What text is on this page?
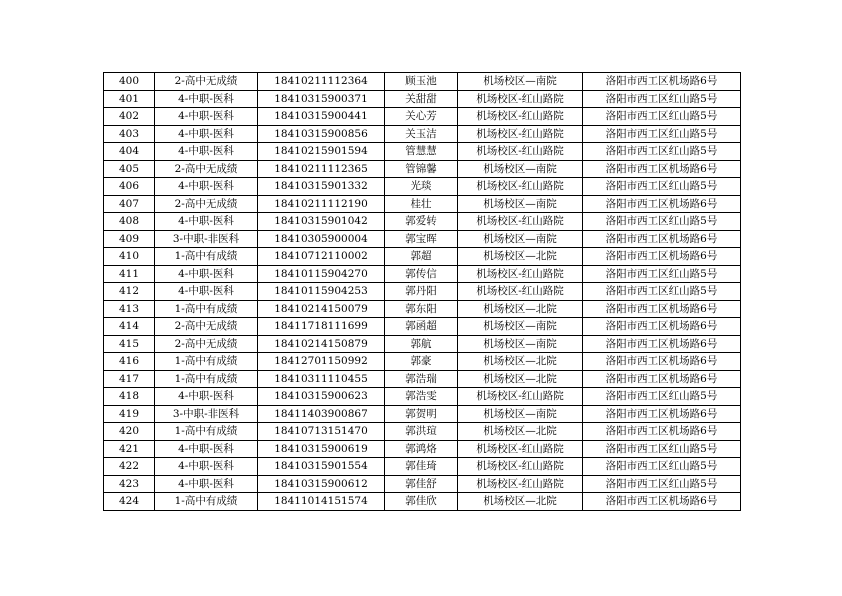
400	2-高中无成绩	18410211112364	顾玉池	机场校区—南院	洛阳市西工区机场路6号
401	4-中职-医科	18410315900371	关甜甜	机场校区-红山路院	洛阳市西工区红山路5号
402	4-中职-医科	18410315900441	关心芳	机场校区-红山路院	洛阳市西工区红山路5号
403	4-中职-医科	18410315900856	关玉洁	机场校区-红山路院	洛阳市西工区红山路5号
404	4-中职-医科	18410215901594	管慧慧	机场校区-红山路院	洛阳市西工区红山路5号
405	2-高中无成绩	18410211112365	管锦馨	机场校区—南院	洛阳市西工区机场路6号
406	4-中职-医科	18410315901332	光琰	机场校区-红山路院	洛阳市西工区红山路5号
407	2-高中无成绩	18410211112190	桂壮	机场校区—南院	洛阳市西工区机场路6号
408	4-中职-医科	18410315901042	郭爱转	机场校区-红山路院	洛阳市西工区红山路5号
409	3-中职-非医科	18410305900004	郭宝晖	机场校区—南院	洛阳市西工区机场路6号
410	1-高中有成绩	18410712110002	郭超	机场校区—北院	洛阳市西工区机场路6号
411	4-中职-医科	18410115904270	郭传信	机场校区-红山路院	洛阳市西工区红山路5号
412	4-中职-医科	18410115904253	郭丹阳	机场校区-红山路院	洛阳市西工区红山路5号
413	1-高中有成绩	18410214150079	郭东阳	机场校区—北院	洛阳市西工区机场路6号
414	2-高中无成绩	18411718111699	郭函超	机场校区—南院	洛阳市西工区机场路6号
415	2-高中无成绩	18410214150879	郭航	机场校区—南院	洛阳市西工区机场路6号
416	1-高中有成绩	18412701150992	郭豪	机场校区—北院	洛阳市西工区机场路6号
417	1-高中有成绩	18410311110455	郭浩瑞	机场校区—北院	洛阳市西工区机场路6号
418	4-中职-医科	18410315900623	郭浩雯	机场校区-红山路院	洛阳市西工区红山路5号
419	3-中职-非医科	18411403900867	郭贺明	机场校区—南院	洛阳市西工区机场路6号
420	1-高中有成绩	18410713151470	郭洪瑄	机场校区—北院	洛阳市西工区机场路6号
421	4-中职-医科	18410315900619	郭鸿烙	机场校区-红山路院	洛阳市西工区红山路5号
422	4-中职-医科	18410315901554	郭佳琦	机场校区-红山路院	洛阳市西工区红山路5号
423	4-中职-医科	18410315900612	郭佳舒	机场校区-红山路院	洛阳市西工区红山路5号
424	1-高中有成绩	18411014151574	郭佳欣	机场校区—北院	洛阳市西工区机场路6号
